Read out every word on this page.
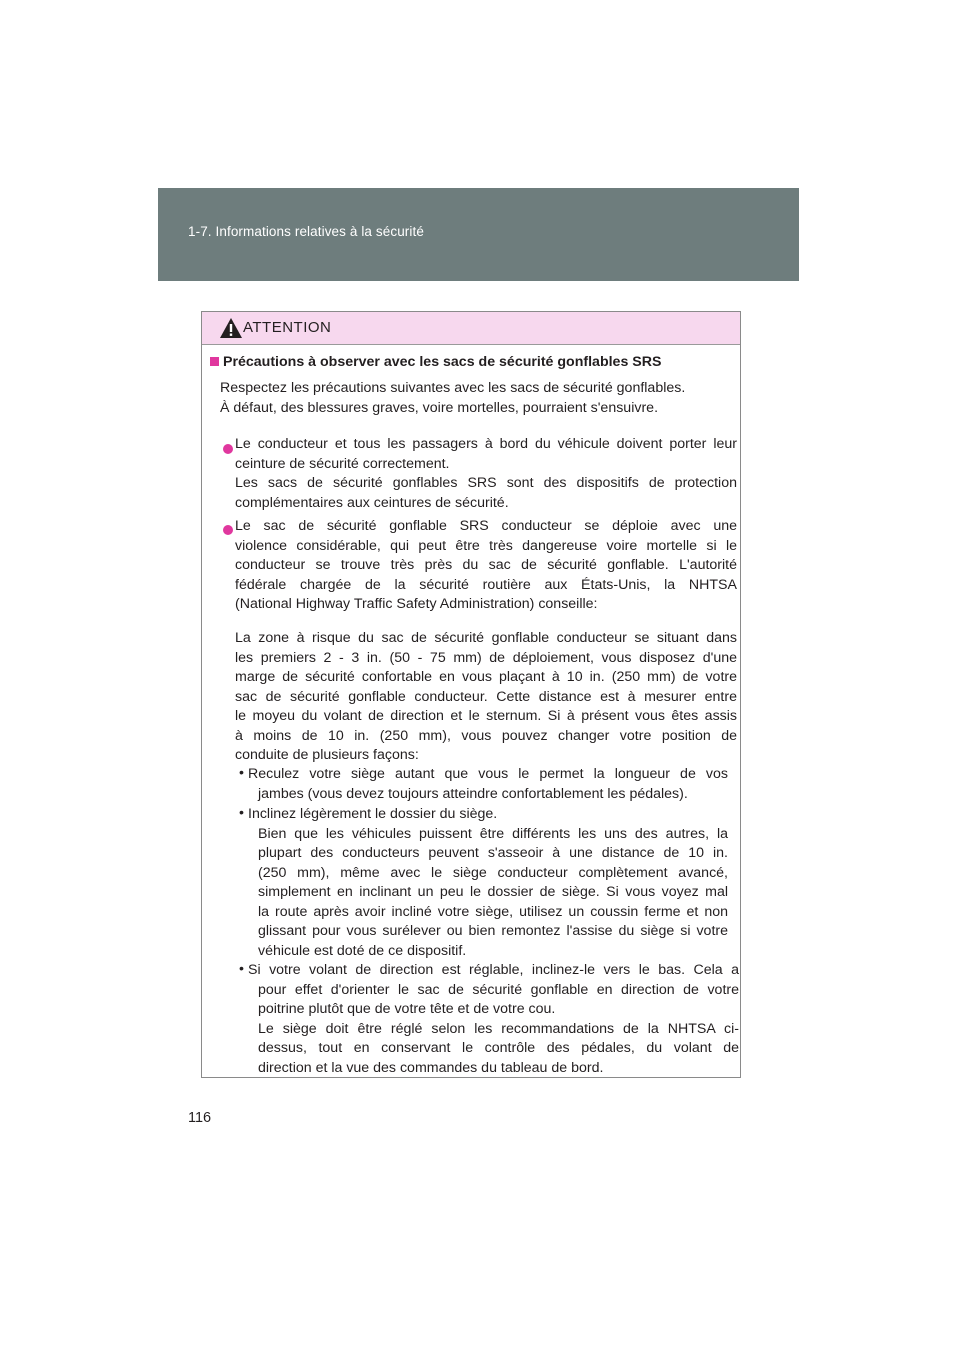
1-7. Informations relatives à la sécurité
ATTENTION
Précautions à observer avec les sacs de sécurité gonflables SRS
Respectez les précautions suivantes avec les sacs de sécurité gonflables.
À défaut, des blessures graves, voire mortelles, pourraient s'ensuivre.
Le conducteur et tous les passagers à bord du véhicule doivent porter leur
ceinture de sécurité correctement.
Les sacs de sécurité gonflables SRS sont des dispositifs de protection
complémentaires aux ceintures de sécurité.
Le sac de sécurité gonflable SRS conducteur se déploie avec une
violence considérable, qui peut être très dangereuse voire mortelle si le
conducteur se trouve très près du sac de sécurité gonflable. L'autorité
fédérale chargée de la sécurité routière aux États-Unis, la NHTSA
(National Highway Traffic Safety Administration) conseille:
La zone à risque du sac de sécurité gonflable conducteur se situant dans
les premiers 2 - 3 in. (50 - 75 mm) de déploiement, vous disposez d'une
marge de sécurité confortable en vous plaçant à 10 in. (250 mm) de votre
sac de sécurité gonflable conducteur. Cette distance est à mesurer entre
le moyeu du volant de direction et le sternum. Si à présent vous êtes assis
à moins de 10 in. (250 mm), vous pouvez changer votre position de
conduite de plusieurs façons:
• Reculez votre siège autant que vous le permet la longueur de vos
jambes (vous devez toujours atteindre confortablement les pédales).
• Inclinez légèrement le dossier du siège.
Bien que les véhicules puissent être différents les uns des autres, la
plupart des conducteurs peuvent s'asseoir à une distance de 10 in.
(250 mm), même avec le siège conducteur complètement avancé,
simplement en inclinant un peu le dossier de siège. Si vous voyez mal
la route après avoir incliné votre siège, utilisez un coussin ferme et non
glissant pour vous surélever ou bien remontez l'assise du siège si votre
véhicule est doté de ce dispositif.
• Si votre volant de direction est réglable, inclinez-le vers le bas. Cela a
pour effet d'orienter le sac de sécurité gonflable en direction de votre
poitrine plutôt que de votre tête et de votre cou.
Le siège doit être réglé selon les recommandations de la NHTSA ci-
dessus, tout en conservant le contrôle des pédales, du volant de
direction et la vue des commandes du tableau de bord.
116
